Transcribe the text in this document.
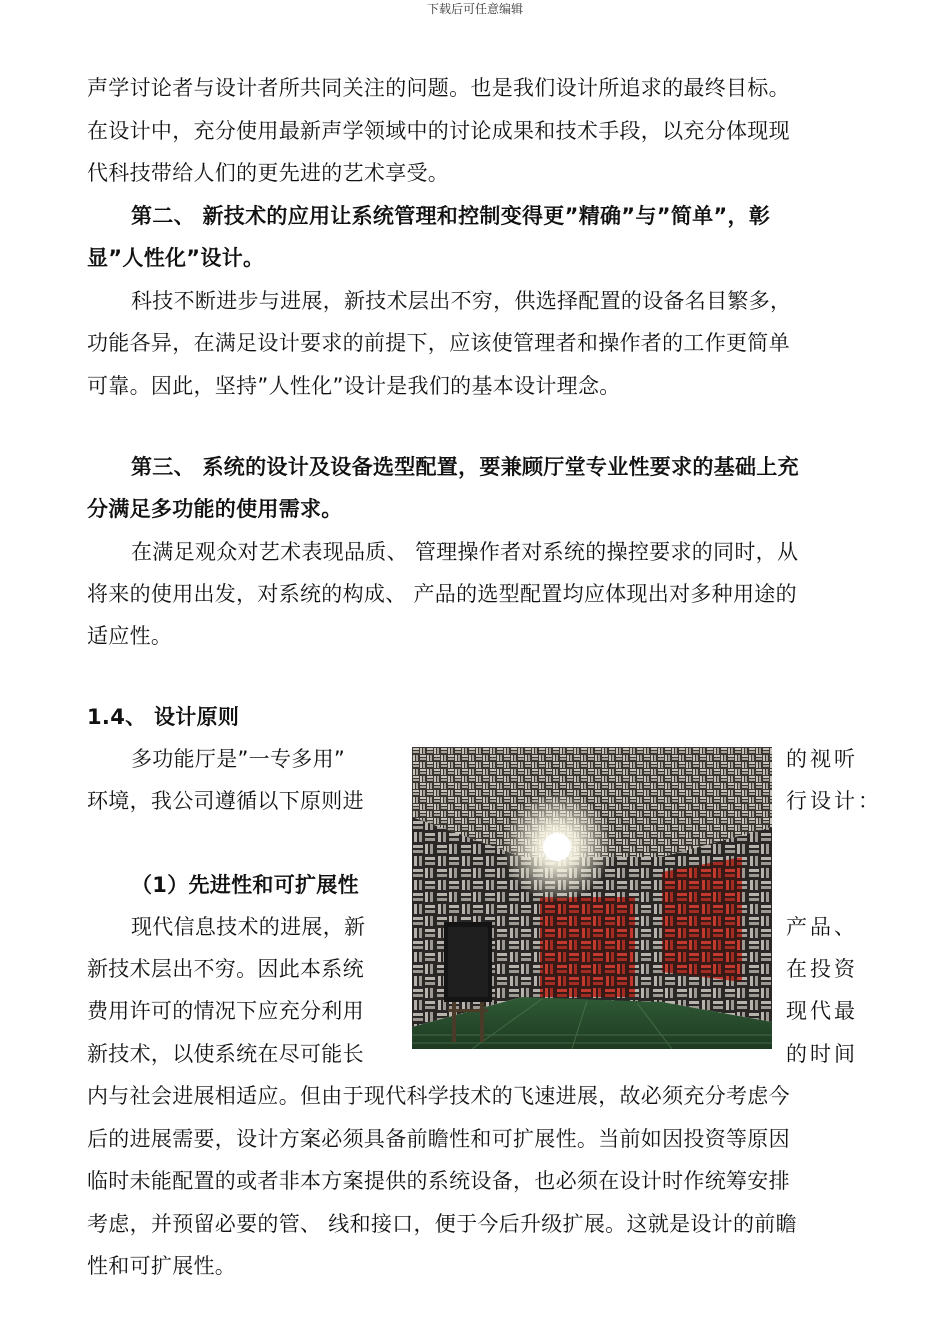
下载后可任意编辑
声学讨论者与设计者所共同关注的问题。也是我们设计所追求的最终目标。
在设计中，充分使用最新声学领域中的讨论成果和技术手段，以充分体现现
代科技带给人们的更先进的艺术享受。
第二、 新技术的应用让系统管理和控制变得更”精确”与”简单”，彰
显”人性化”设计。
科技不断进步与进展，新技术层出不穷，供选择配置的设备名目繁多，
功能各异，在满足设计要求的前提下，应该使管理者和操作者的工作更简单
可靠。因此，坚持”人性化”设计是我们的基本设计理念。
第三、 系统的设计及设备选型配置，要兼顾厅堂专业性要求的基础上充
分满足多功能的使用需求。
在满足观众对艺术表现品质、 管理操作者对系统的操控要求的同时，从
将来的使用出发，对系统的构成、 产品的选型配置均应体现出对多种用途的
适应性。
1.4、 设计原则
多功能厅是”一专多用”	的视听
环境，我公司遵循以下原则进	行设计：
（1）先进性和可扩展性
现代信息技术的进展，新	产品、
新技术层出不穷。因此本系统	在投资
费用许可的情况下应充分利用	现代最
新技术，以使系统在尽可能长	的时间
内与社会进展相适应。但由于现代科学技术的飞速进展，故必须充分考虑今
后的进展需要，设计方案必须具备前瞻性和可扩展性。当前如因投资等原因
临时未能配置的或者非本方案提供的系统设备，也必须在设计时作统筹安排
考虑，并预留必要的管、 线和接口，便于今后升级扩展。这就是设计的前瞻
性和可扩展性。
